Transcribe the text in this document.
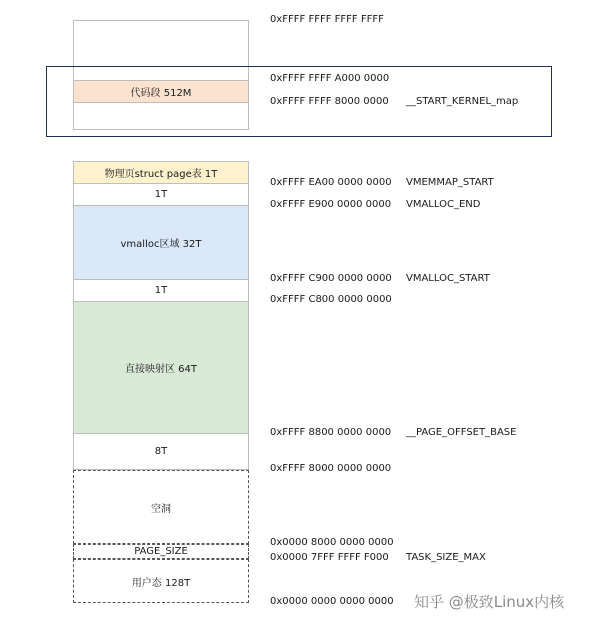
代码段 512M
物理页struct page表 1T
1T
vmalloc区域 32T
1T
直接映射区 64T
8T
空洞
PAGE_SIZE
用户态 128T
0xFFFF FFFF FFFF FFFF
0xFFFF FFFF A000 0000
0xFFFF FFFF 8000 0000
0xFFFF EA00 0000 0000
0xFFFF E900 0000 0000
0xFFFF C900 0000 0000
0xFFFF C800 0000 0000
0xFFFF 8800 0000 0000
0xFFFF 8000 0000 0000
0x0000 8000 0000 0000
0x0000 7FFF FFFF F000
0x0000 0000 0000 0000
__START_KERNEL_map
VMEMMAP_START
VMALLOC_END
VMALLOC_START
__PAGE_OFFSET_BASE
TASK_SIZE_MAX
知乎 @极致Linux内核
